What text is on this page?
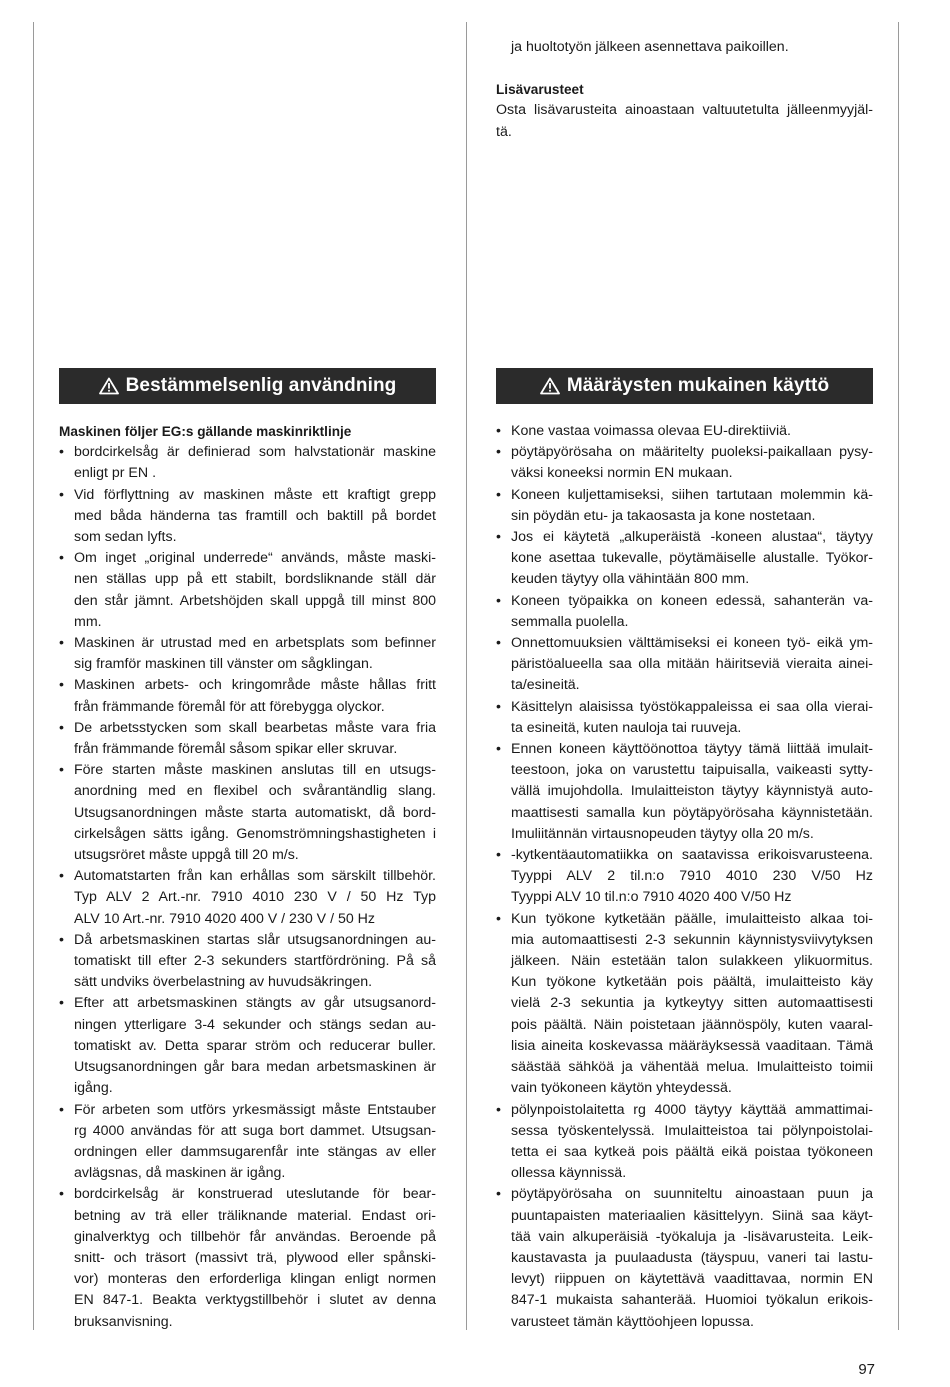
ja huoltotyön jälkeen asennettava paikoillen.
Lisävarusteet
Osta lisävarusteita ainoastaan valtuutetulta jälleenmyyjäl-
tä.
Bestämmelsenlig användning	Määräysten mukainen käyttö
Maskinen följer EG:s gällande maskinriktlinje
• bordcirkelsåg är definierad som halvstationär maskine
enligt pr EN .
• Vid förflyttning av maskinen måste ett kraftigt grepp
med båda händerna tas framtill och baktill på bordet
som sedan lyfts.
• Om inget „original underrede“ används, måste maski-
nen ställas upp på ett stabilt, bordsliknande ställ där
den står jämnt. Arbetshöjden skall uppgå till minst 800
mm.
• Maskinen är utrustad med en arbetsplats som befinner
sig framför maskinen till vänster om sågklingan.
• Maskinen arbets- och kringområde måste hållas fritt
från främmande föremål för att förebygga olyckor.
• De arbetsstycken som skall bearbetas måste vara fria
från främmande föremål såsom spikar eller skruvar.
• Före starten måste maskinen anslutas till en utsugs-
anordning med en flexibel och svårantändlig slang.
Utsugsanordningen måste starta automatiskt, då bord-
cirkelsågen sätts igång. Genomströmningshastigheten i
utsugsröret måste uppgå till 20 m/s.
• Automatstarten från kan erhållas som särskilt tillbehör.
Typ ALV 2 Art.-nr. 7910 4010 230 V / 50 Hz Typ
ALV 10 Art.-nr. 7910 4020 400 V / 230 V / 50 Hz
• Då arbetsmaskinen startas slår utsugsanordningen au-
tomatiskt till efter 2-3 sekunders startfördröning. På så
sätt undviks överbelastning av huvudsäkringen.
• Efter att arbetsmaskinen stängts av går utsugsanord-
ningen ytterligare 3-4 sekunder och stängs sedan au-
tomatiskt av. Detta sparar ström och reducerar buller.
Utsugsanordningen går bara medan arbetsmaskinen är
igång.
• För arbeten som utförs yrkesmässigt måste Entstauber
rg 4000 användas för att suga bort dammet. Utsugsan-
ordningen eller dammsugarenfår inte stängas av eller
avlägsnas, då maskinen är igång.
• bordcirkelsåg är konstruerad uteslutande för bear-
betning av trä eller träliknande material. Endast ori-
ginalverktyg och tillbehör får användas. Beroende på
snitt- och träsort (massivt trä, plywood eller spånski-
vor) monteras den erforderliga klingan enligt normen
EN 847-1. Beakta verktygstillbehör i slutet av denna
bruksanvisning.
• Kone vastaa voimassa olevaa EU-direktiiviä.
• pöytäpyörösaha on määritelty puoleksi-paikallaan pysy-
väksi koneeksi normin EN mukaan.
• Koneen kuljettamiseksi, siihen tartutaan molemmin kä-
sin pöydän etu- ja takaosasta ja kone nostetaan.
• Jos ei käytetä „alkuperäistä -koneen alustaa“, täytyy
kone asettaa tukevalle, pöytämäiselle alustalle. Työkor-
keuden täytyy olla vähintään 800 mm.
• Koneen työpaikka on koneen edessä, sahanterän va-
semmalla puolella.
• Onnettomuuksien välttämiseksi ei koneen työ- eikä ym-
päristöalueella saa olla mitään häiritseviä vieraita ainei-
ta/esineitä.
• Käsittelyn alaisissa työstökappaleissa ei saa olla vierai-
ta esineitä, kuten nauloja tai ruuveja.
• Ennen koneen käyttöönottoa täytyy tämä liittää imulait-
teestoon, joka on varustettu taipuisalla, vaikeasti sytty-
vällä imujohdolla. Imulaitteiston täytyy käynnistyä auto-
maattisesti samalla kun pöytäpyörösaha käynnistetään.
Imuliitännän virtausnopeuden täytyy olla 20 m/s.
• -kytkentäautomatiikka on saatavissa erikoisvarusteena.
Tyyppi ALV 2 til.n:o 7910 4010 230 V/50 Hz
Tyyppi ALV 10 til.n:o 7910 4020 400 V/50 Hz
• Kun työkone kytketään päälle, imulaitteisto alkaa toi-
mia automaattisesti 2-3 sekunnin käynnistysviivytyksen
jälkeen. Näin estetään talon sulakkeen ylikuormitus.
Kun työkone kytketään pois päältä, imulaitteisto käy
vielä 2-3 sekuntia ja kytkeytyy sitten automaattisesti
pois päältä. Näin poistetaan jäännöspöly, kuten vaaral-
lisia aineita koskevassa määräyksessä vaaditaan. Tämä
säästää sähköä ja vähentää melua. Imulaitteisto toimii
vain työkoneen käytön yhteydessä.
• pölynpoistolaitetta rg 4000 täytyy käyttää ammattimai-
sessa työskentelyssä. Imulaitteistoa tai pölynpoistolai-
tetta ei saa kytkeä pois päältä eikä poistaa työkoneen
ollessa käynnissä.
• pöytäpyörösaha on suunniteltu ainoastaan puun ja
puuntapaisten materiaalien käsittelyyn. Siinä saa käyt-
tää vain alkuperäisiä -työkaluja ja -lisävarusteita. Leik-
kaustavasta ja puulaadusta (täyspuu, vaneri tai lastu-
levyt) riippuen on käytettävä vaadittavaa, normin EN
847-1 mukaista sahanterää. Huomioi työkalun erikois-
varusteet tämän käyttöohjeen lopussa.
97
